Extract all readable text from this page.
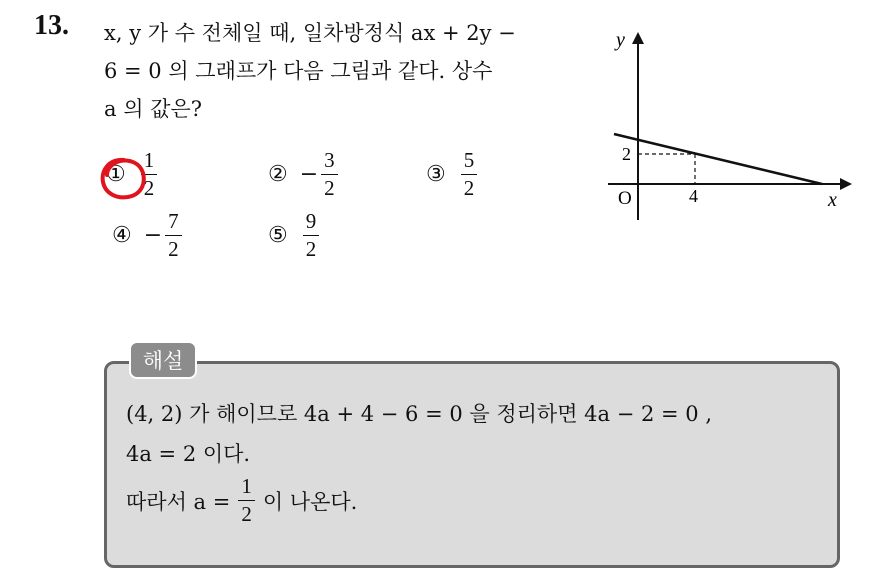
13. x, y 가 수 전체일 때, 일차방정식 ax + 2y −
6 = 0 의 그래프가 다음 그림과 같다. 상수
a 의 값은?
① $\frac{1}{2}$	② − $\frac{3}{2}$	③ $\frac{5}{2}$
④ − $\frac{7}{2}$	⑤ $\frac{9}{2}$
y
x
O
2
4
해설
(4, 2) 가 해이므로 4a + 4 − 6 = 0 을 정리하면 4a − 2 = 0 ,
4a = 2 이다.
따라서 $a = \frac{1}{2}$ 이 나온다.
